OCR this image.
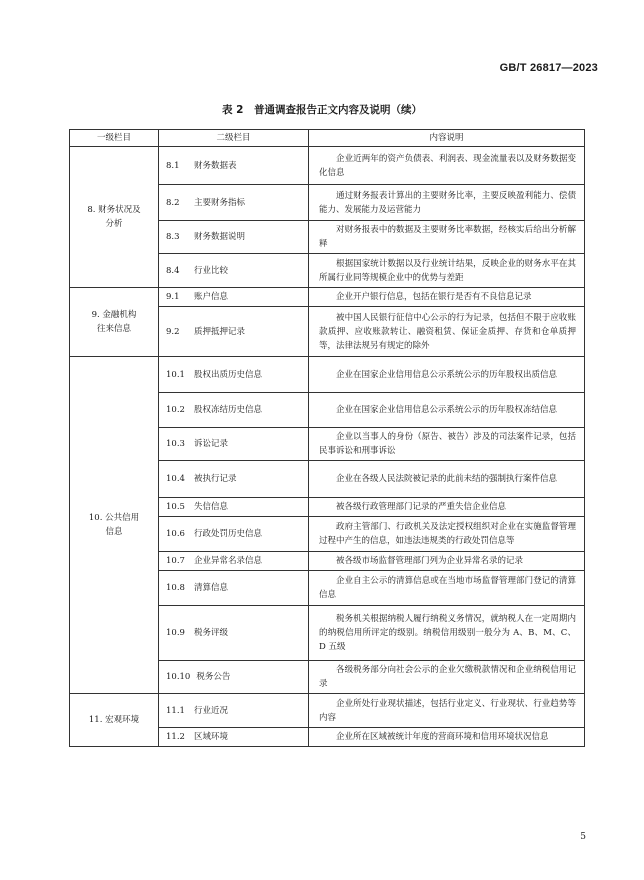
GB/T 26817—2023
表 2　普通调查报告正文内容及说明（续）
一级栏目	二级栏目	内容说明
8. 财务状况及
分析	8.1 财务数据表	企业近两年的资产负债表、利润表、现金流量表以及财务数据变化信息

	8.2 主要财务指标	通过财务报表计算出的主要财务比率，主要反映盈利能力、偿债能力、发展能力及运营能力

	8.3 财务数据说明	对财务报表中的数据及主要财务比率数据，经核实后给出分析解释

	8.4 行业比较	根据国家统计数据以及行业统计结果，反映企业的财务水平在其所属行业同等规模企业中的优势与差距

9. 金融机构
往来信息	9.1 账户信息	企业开户银行信息，包括在银行是否有不良信息记录

	9.2 质押抵押记录	被中国人民银行征信中心公示的行为记录，包括但不限于应收账款质押、应收账款转让、融资租赁、保证金质押、存货和仓单质押等，法律法规另有规定的除外

10. 公共信用
信息	10.1 股权出质历史信息	企业在国家企业信用信息公示系统公示的历年股权出质信息

	10.2 股权冻结历史信息	企业在国家企业信用信息公示系统公示的历年股权冻结信息

	10.3 诉讼记录	企业以当事人的身份（原告、被告）涉及的司法案件记录，包括民事诉讼和刑事诉讼

	10.4 被执行记录	企业在各级人民法院被记录的此前未结的强制执行案件信息

	10.5 失信信息	被各级行政管理部门记录的严重失信企业信息

	10.6 行政处罚历史信息	政府主管部门、行政机关及法定授权组织对企业在实施监督管理过程中产生的信息，如违法违规类的行政处罚信息等

	10.7 企业异常名录信息	被各级市场监督管理部门列为企业异常名录的记录

	10.8 清算信息	企业自主公示的清算信息或在当地市场监督管理部门登记的清算信息

	10.9 税务评级	税务机关根据纳税人履行纳税义务情况，就纳税人在一定周期内的纳税信用所评定的级别。纳税信用级别一般分为 A、B、M、C、D 五级

	10.10 税务公告	各级税务部分向社会公示的企业欠缴税款情况和企业纳税信用记录

11. 宏观环境	11.1 行业近况	企业所处行业现状描述，包括行业定义、行业现状、行业趋势等内容

	11.2 区域环境	企业所在区域被统计年度的营商环境和信用环境状况信息
5
